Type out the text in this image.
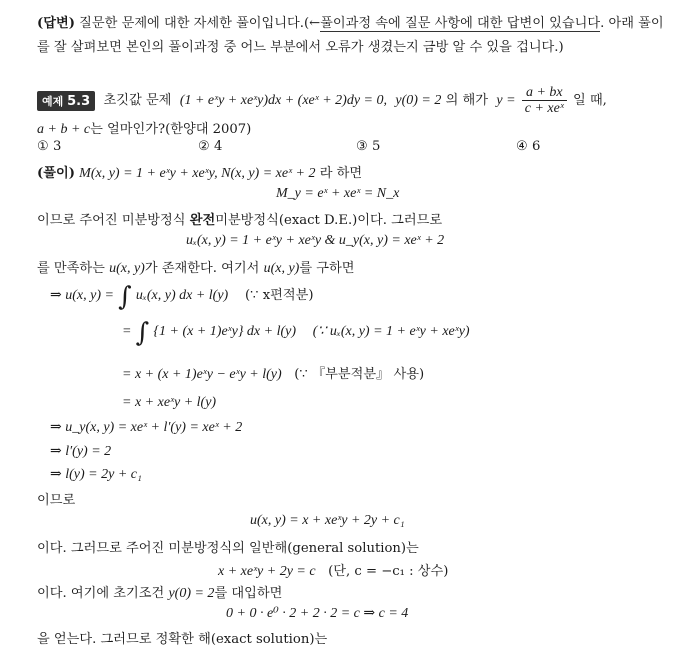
(답변) 질문한 문제에 대한 자세한 풀이입니다.(←풀이과정 속에 질문 사항에 대한 답변이 있습니다. 아래 풀이
를 잘 살펴보면 본인의 풀이과정 중 어느 부분에서 오류가 생겼는지 금방 알 수 있을 겁니다.)
예제 5.3 초깃값 문제 (1 + eˣy + xeˣy)dx + (xeˣ + 2)dy = 0, y(0) = 2 의 해가 $y = \frac{a + bx}{\text{c + xeˣ}}$ 일 때,
a + b + c는 얼마인가?(한양대 2007)
① 3	② 4	③ 5	④ 6
(풀이) M(x, y) = 1 + eˣy + xeˣy, N(x, y) = xeˣ + 2 라 하면
M_y = eˣ + xeˣ = N_x
이므로 주어진 미분방정식 완전미분방정식(exact D.E.)이다. 그러므로
uₓ(x, y) = 1 + eˣy + xeˣy & u_y(x, y) = xeˣ + 2
를 만족하는 u(x, y)가 존재한다. 여기서 u(x, y)를 구하면
⇒ u(x, y) = ∫ uₓ(x, y) dx + l(y) (∵ x편적분)
= ∫ {1 + (x + 1)eˣy} dx + l(y) (∵ uₓ(x, y) = 1 + eˣy + xeˣy)
= x + (x + 1)eˣy − eˣy + l(y) (∵ 『부분적분』 사용)
= x + xeˣy + l(y)
⇒ u_y(x, y) = xeˣ + l′(y) = xeˣ + 2
⇒ l′(y) = 2
⇒ l(y) = 2y + c₁
이므로
u(x, y) = x + xeˣy + 2y + c₁
이다. 그러므로 주어진 미분방정식의 일반해(general solution)는
x + xeˣy + 2y = c (단, c = −c₁ : 상수)
이다. 여기에 초기조건 y(0) = 2를 대입하면
0 + 0 · e⁰ · 2 + 2 · 2 = c ⇒ c = 4
을 얻는다. 그러므로 정확한 해(exact solution)는
